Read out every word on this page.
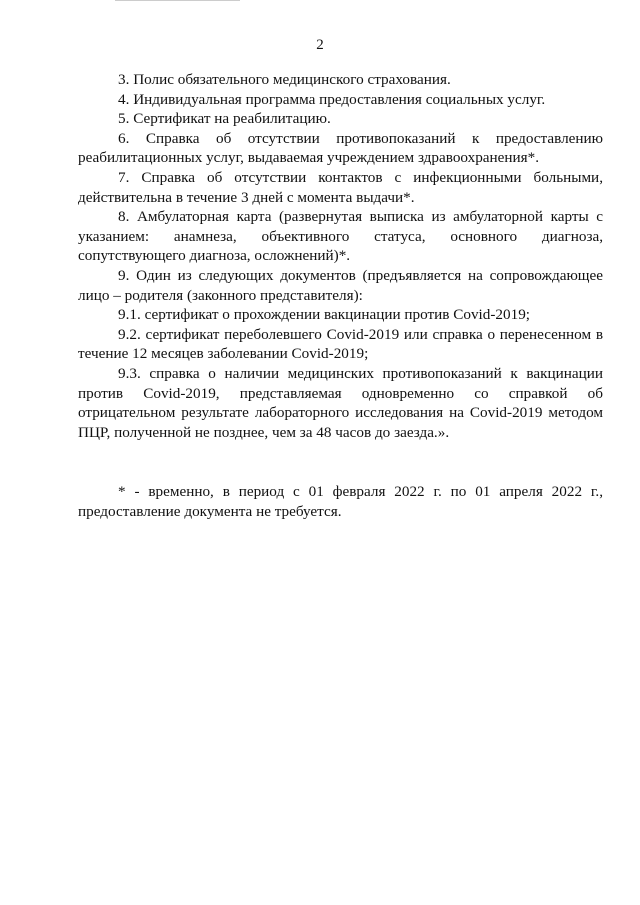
2

3. Полис обязательного медицинского страхования.

4. Индивидуальная программа предоставления социальных услуг.

5. Сертификат на реабилитацию.

6. Справка об отсутствии противопоказаний к предоставлению реабилитационных услуг, выдаваемая учреждением здравоохранения*.

7. Справка об отсутствии контактов с инфекционными больными, действительна в течение 3 дней с момента выдачи*.

8. Амбулаторная карта (развернутая выписка из амбулаторной карты с указанием: анамнеза, объективного статуса, основного диагноза, сопутствующего диагноза, осложнений)*.

9. Один из следующих документов (предъявляется на сопровождающее лицо – родителя (законного представителя):

9.1. сертификат о прохождении вакцинации против Covid-2019;

9.2. сертификат переболевшего Covid-2019 или справка о перенесенном в течение 12 месяцев заболевании Covid-2019;

9.3. справка о наличии медицинских противопоказаний к вакцинации против Covid-2019, представляемая одновременно со справкой об отрицательном результате лабораторного исследования на Covid-2019 методом ПЦР, полученной не позднее, чем за 48 часов до заезда.».

* - временно, в период с 01 февраля 2022 г. по 01 апреля 2022 г., предоставление документа не требуется.
